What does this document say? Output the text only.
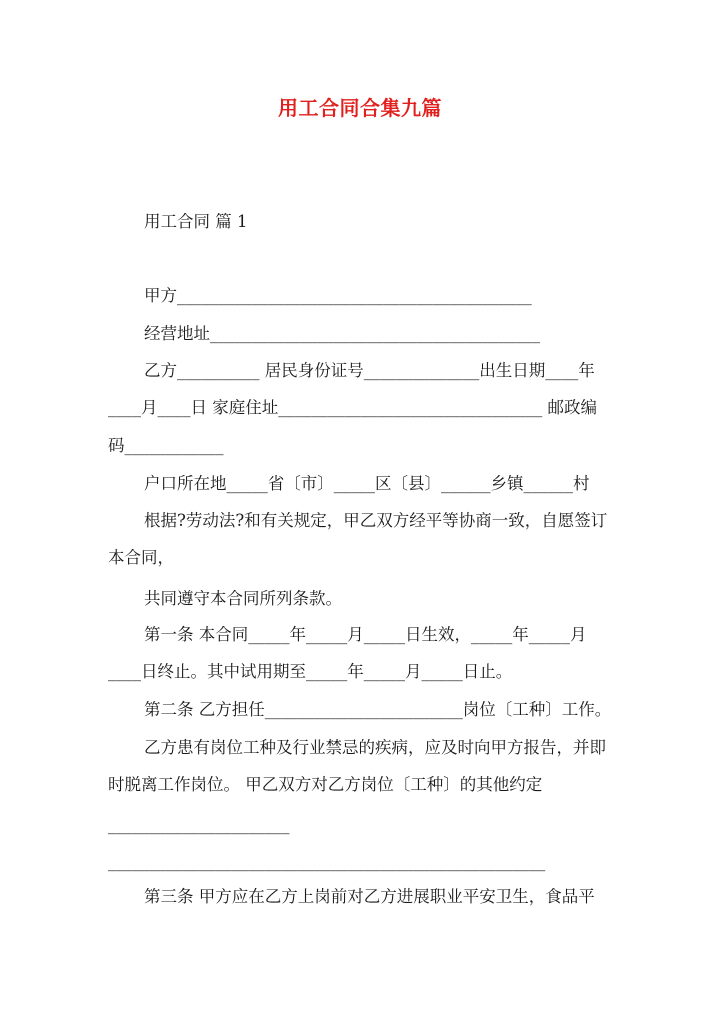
用工合同合集九篇
用工合同 篇 1
甲方___________________________________________
经营地址________________________________________
乙方__________ 居民身份证号______________出生日期____年
____月____日 家庭住址________________________________ 邮政编
码____________
户口所在地_____省〔市〕_____区〔县〕______乡镇______村
根据?劳动法?和有关规定，甲乙双方经平等协商一致，自愿签订
本合同，
共同遵守本合同所列条款。
第一条 本合同_____年_____月_____日生效，_____年_____月
____日终止。其中试用期至_____年_____月_____日止。
第二条 乙方担任________________________岗位〔工种〕工作。
乙方患有岗位工种及行业禁忌的疾病，应及时向甲方报告，并即
时脱离工作岗位。 甲乙双方对乙方岗位〔工种〕的其他约定
______________________
_____________________________________________________
第三条 甲方应在乙方上岗前对乙方进展职业平安卫生，食品平
